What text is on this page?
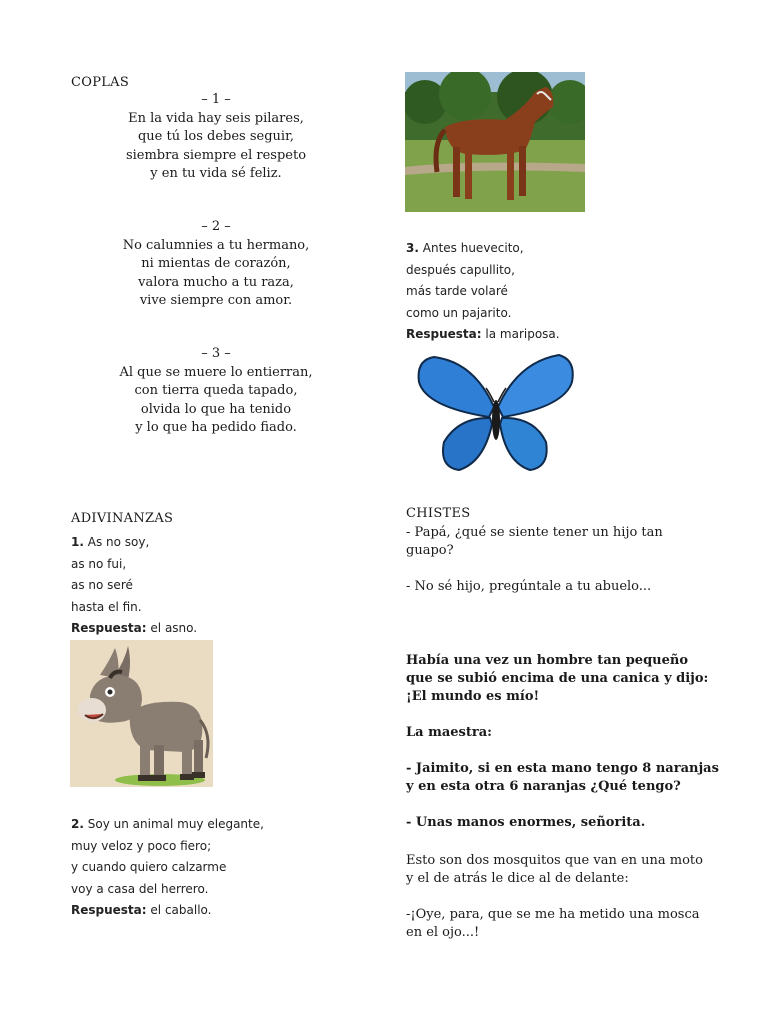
COPLAS
– 1 –
En la vida hay seis pilares,
que tú los debes seguir,
siembra siempre el respeto
y en tu vida sé feliz.
– 2 –
No calumnies a tu hermano,
ni mientas de corazón,
valora mucho a tu raza,
vive siempre con amor.
– 3 –
Al que se muere lo entierran,
con tierra queda tapado,
olvida lo que ha tenido
y lo que ha pedido fiado.
ADIVINANZAS
1. As no soy,
as no fui,
as no seré
hasta el fin.
Respuesta: el asno.
2. Soy un animal muy elegante,
muy veloz y poco fiero;
y cuando quiero calzarme
voy a casa del herrero.
Respuesta: el caballo.
3. Antes huevecito,
después capullito,
más tarde volaré
como un pajarito.
Respuesta: la mariposa.
CHISTES
- Papá, ¿qué se siente tener un hijo tan
guapo?
- No sé hijo, pregúntale a tu abuelo...
Había una vez un hombre tan pequeño
que se subió encima de una canica y dijo:
¡El mundo es mío!
La maestra:
- Jaimito, si en esta mano tengo 8 naranjas
y en esta otra 6 naranjas ¿Qué tengo?
- Unas manos enormes, señorita.
Esto son dos mosquitos que van en una moto
y el de atrás le dice al de delante:
-¡Oye, para, que se me ha metido una mosca
en el ojo...!
